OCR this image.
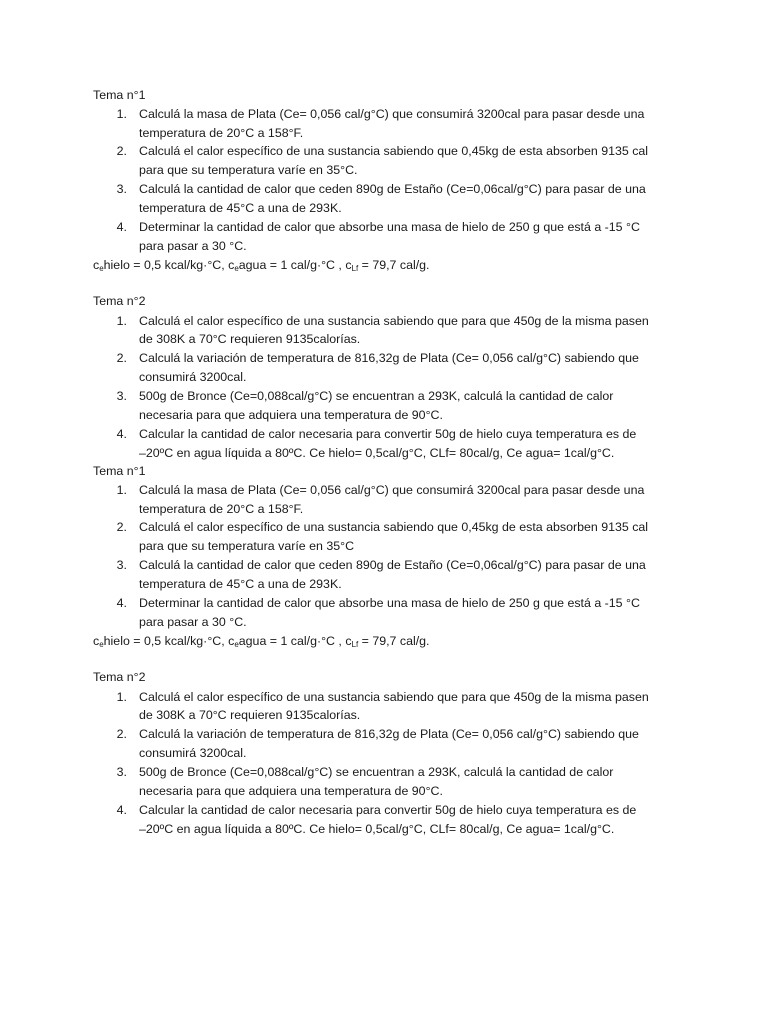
Tema n°1
1. Calculá la masa de Plata (Ce= 0,056 cal/g°C) que consumirá 3200cal para pasar desde una
temperatura de 20°C a 158°F.
2. Calculá el calor específico de una sustancia sabiendo que 0,45kg de esta absorben 9135 cal
para que su temperatura varíe en 35°C.
3. Calculá la cantidad de calor que ceden 890g de Estaño (Ce=0,06cal/g°C) para pasar de una
temperatura de 45°C a una de 293K.
4. Determinar la cantidad de calor que absorbe una masa de hielo de 250 g que está a -15 °C
para pasar a 30 °C.
$c_ehielo = 0,5$ kcal/kg·°C, $c_eagua = 1$ cal/g·°C , $c_{Lf} = 79,7$ cal/g.
Tema n°2
1. Calculá el calor específico de una sustancia sabiendo que para que 450g de la misma pasen
de 308K a 70°C requieren 9135calorías.
2. Calculá la variación de temperatura de 816,32g de Plata (Ce= 0,056 cal/g°C) sabiendo que
consumirá 3200cal.
3. 500g de Bronce (Ce=0,088cal/g°C) se encuentran a 293K, calculá la cantidad de calor
necesaria para que adquiera una temperatura de 90°C.
4. Calcular la cantidad de calor necesaria para convertir 50g de hielo cuya temperatura es de
–20ºC en agua líquida a 80ºC. Ce hielo= 0,5cal/g°C, CLf= 80cal/g, Ce agua= 1cal/g°C.
Tema n°1
1. Calculá la masa de Plata (Ce= 0,056 cal/g°C) que consumirá 3200cal para pasar desde una
temperatura de 20°C a 158°F.
2. Calculá el calor específico de una sustancia sabiendo que 0,45kg de esta absorben 9135 cal
para que su temperatura varíe en 35°C
3. Calculá la cantidad de calor que ceden 890g de Estaño (Ce=0,06cal/g°C) para pasar de una
temperatura de 45°C a una de 293K.
4. Determinar la cantidad de calor que absorbe una masa de hielo de 250 g que está a -15 °C
para pasar a 30 °C.
$c_ehielo = 0,5$ kcal/kg·°C, $c_eagua = 1$ cal/g·°C , $c_{Lf} = 79,7$ cal/g.
Tema n°2
1. Calculá el calor específico de una sustancia sabiendo que para que 450g de la misma pasen
de 308K a 70°C requieren 9135calorías.
2. Calculá la variación de temperatura de 816,32g de Plata (Ce= 0,056 cal/g°C) sabiendo que
consumirá 3200cal.
3. 500g de Bronce (Ce=0,088cal/g°C) se encuentran a 293K, calculá la cantidad de calor
necesaria para que adquiera una temperatura de 90°C.
4. Calcular la cantidad de calor necesaria para convertir 50g de hielo cuya temperatura es de
–20ºC en agua líquida a 80ºC. Ce hielo= 0,5cal/g°C, CLf= 80cal/g, Ce agua= 1cal/g°C.
